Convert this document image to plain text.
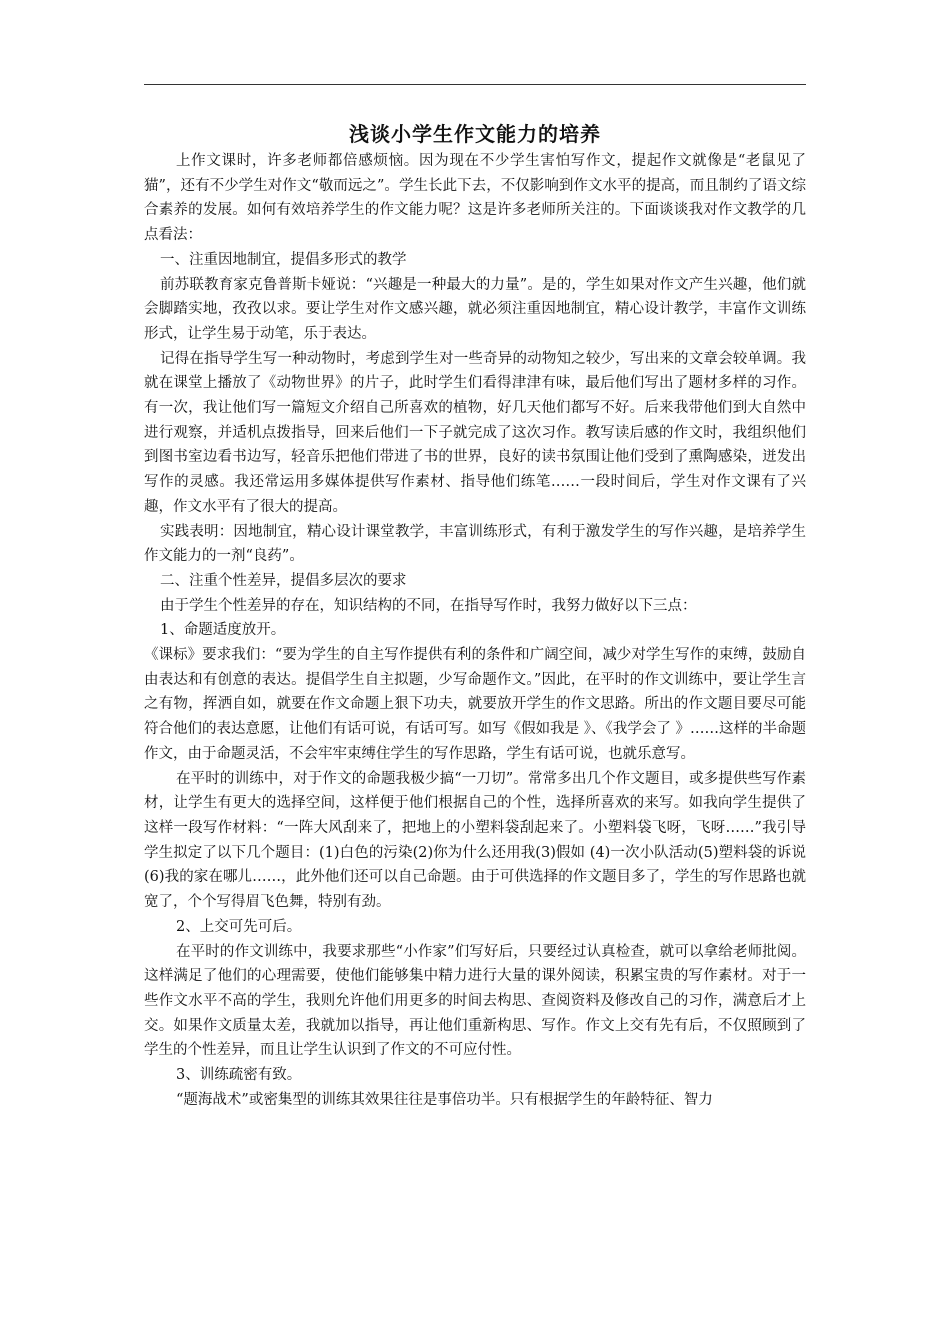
浅谈小学生作文能力的培养

上作文课时，许多老师都倍感烦恼。因为现在不少学生害怕写作文，提起作文就像是“老鼠见了猫”，还有不少学生对作文“敬而远之”。学生长此下去，不仅影响到作文水平的提高，而且制约了语文综合素养的发展。如何有效培养学生的作文能力呢？这是许多老师所关注的。下面谈谈我对作文教学的几点看法：

一、注重因地制宜，提倡多形式的教学

前苏联教育家克鲁普斯卡娅说：“兴趣是一种最大的力量”。是的，学生如果对作文产生兴趣，他们就会脚踏实地，孜孜以求。要让学生对作文感兴趣，就必须注重因地制宜，精心设计教学，丰富作文训练形式，让学生易于动笔，乐于表达。

记得在指导学生写一种动物时，考虑到学生对一些奇异的动物知之较少，写出来的文章会较单调。我就在课堂上播放了《动物世界》的片子，此时学生们看得津津有味，最后他们写出了题材多样的习作。有一次，我让他们写一篇短文介绍自己所喜欢的植物，好几天他们都写不好。后来我带他们到大自然中进行观察，并适机点拨指导，回来后他们一下子就完成了这次习作。教写读后感的作文时，我组织他们到图书室边看书边写，轻音乐把他们带进了书的世界，良好的读书氛围让他们受到了熏陶感染，迸发出写作的灵感。我还常运用多媒体提供写作素材、指导他们练笔……一段时间后，学生对作文课有了兴趣，作文水平有了很大的提高。

实践表明：因地制宜，精心设计课堂教学，丰富训练形式，有利于激发学生的写作兴趣，是培养学生作文能力的一剂“良药”。

二、注重个性差异，提倡多层次的要求

由于学生个性差异的存在，知识结构的不同，在指导写作时，我努力做好以下三点：

1、命题适度放开。

《课标》要求我们：“要为学生的自主写作提供有利的条件和广阔空间，减少对学生写作的束缚，鼓励自由表达和有创意的表达。提倡学生自主拟题，少写命题作文。”因此，在平时的作文训练中，要让学生言之有物，挥洒自如，就要在作文命题上狠下功夫，就要放开学生的作文思路。所出的作文题目要尽可能符合他们的表达意愿，让他们有话可说，有话可写。如写《假如我是 》、《我学会了 》……这样的半命题作文，由于命题灵活，不会牢牢束缚住学生的写作思路，学生有话可说，也就乐意写。

在平时的训练中，对于作文的命题我极少搞“一刀切”。常常多出几个作文题目，或多提供些写作素材，让学生有更大的选择空间，这样便于他们根据自己的个性，选择所喜欢的来写。如我向学生提供了这样一段写作材料：“一阵大风刮来了，把地上的小塑料袋刮起来了。小塑料袋飞呀，飞呀……”我引导学生拟定了以下几个题目：(1)白色的污染(2)你为什么还用我(3)假如 (4)一次小队活动(5)塑料袋的诉说(6)我的家在哪儿……，此外他们还可以自己命题。由于可供选择的作文题目多了，学生的写作思路也就宽了，个个写得眉飞色舞，特别有劲。

2、上交可先可后。

在平时的作文训练中，我要求那些“小作家”们写好后，只要经过认真检查，就可以拿给老师批阅。这样满足了他们的心理需要，使他们能够集中精力进行大量的课外阅读，积累宝贵的写作素材。对于一些作文水平不高的学生，我则允许他们用更多的时间去构思、查阅资料及修改自己的习作，满意后才上交。如果作文质量太差，我就加以指导，再让他们重新构思、写作。作文上交有先有后，不仅照顾到了学生的个性差异，而且让学生认识到了作文的不可应付性。

3、训练疏密有致。

“题海战术”或密集型的训练其效果往往是事倍功半。只有根据学生的年龄特征、智力
